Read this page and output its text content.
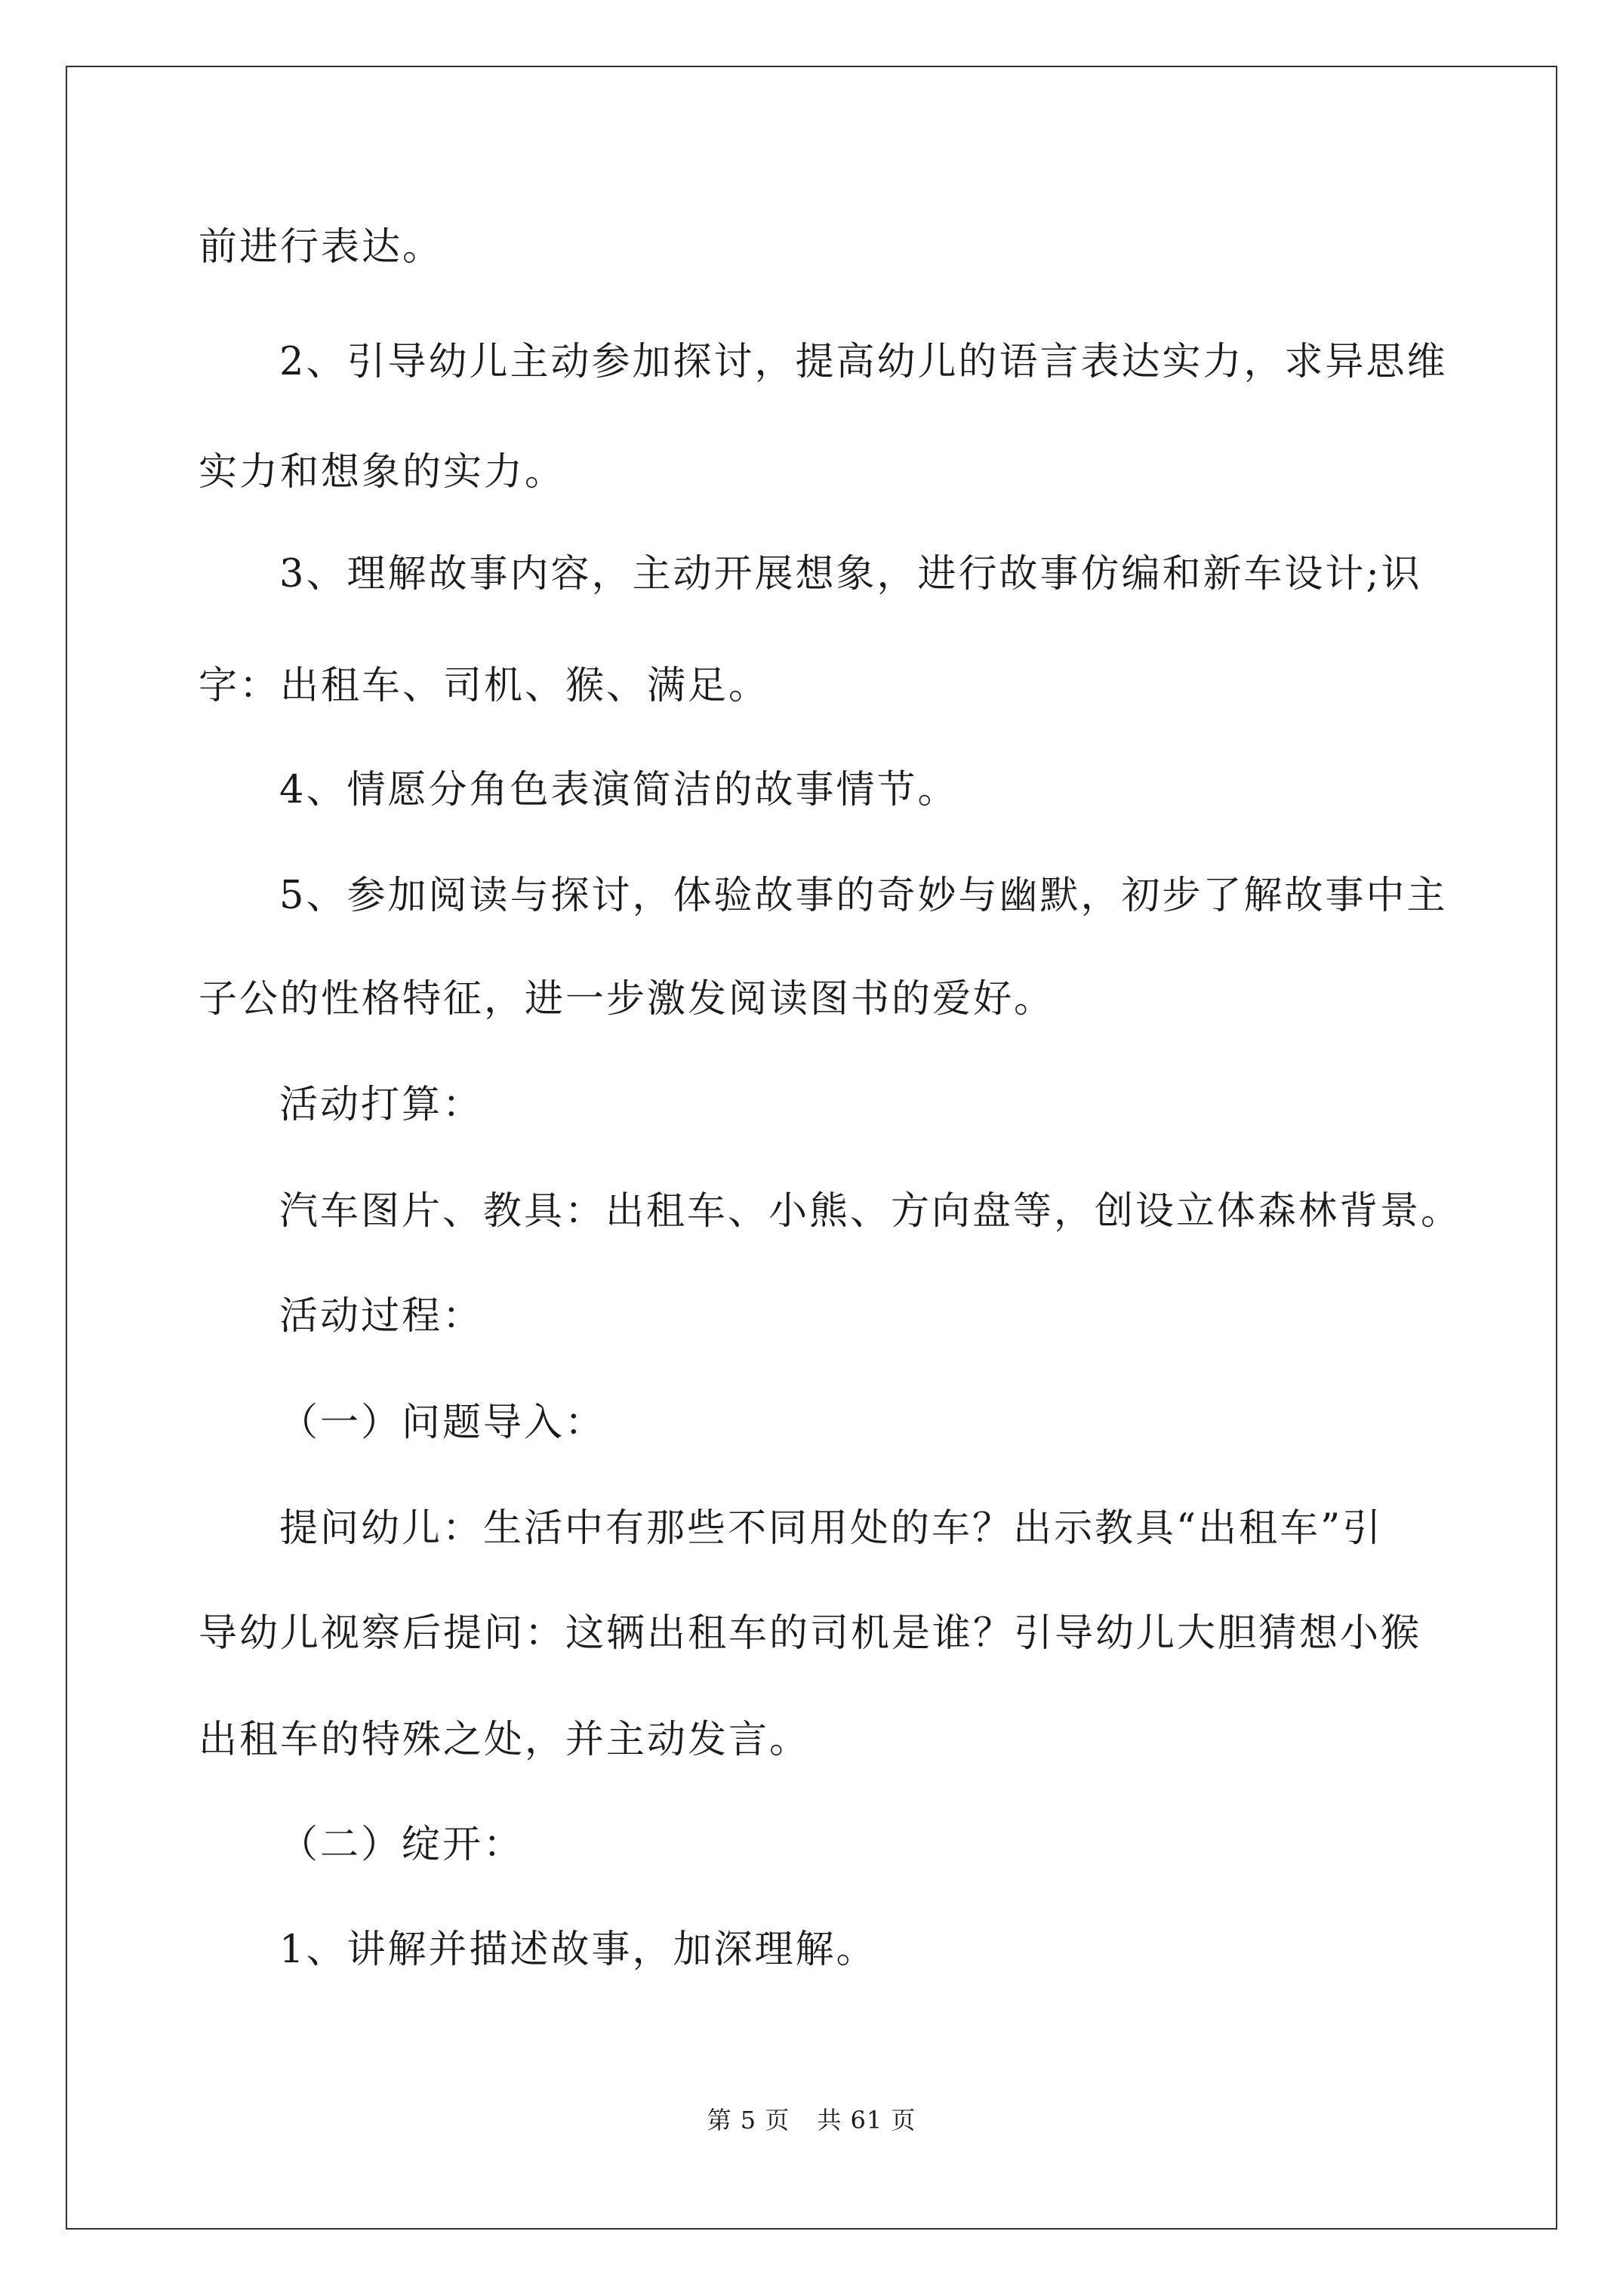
前进行表达。
2、引导幼儿主动参加探讨，提高幼儿的语言表达实力，求异思维
实力和想象的实力。
3、理解故事内容，主动开展想象，进行故事仿编和新车设计;识
字：出租车、司机、猴、满足。
4、情愿分角色表演简洁的故事情节。
5、参加阅读与探讨，体验故事的奇妙与幽默，初步了解故事中主
子公的性格特征，进一步激发阅读图书的爱好。
活动打算：
汽车图片、教具：出租车、小熊、方向盘等，创设立体森林背景。
活动过程：
（一）问题导入：
提问幼儿：生活中有那些不同用处的车？出示教具“出租车”引
导幼儿视察后提问：这辆出租车的司机是谁？引导幼儿大胆猜想小猴
出租车的特殊之处，并主动发言。
（二）绽开：
1、讲解并描述故事，加深理解。
第 5 页 共 61 页
